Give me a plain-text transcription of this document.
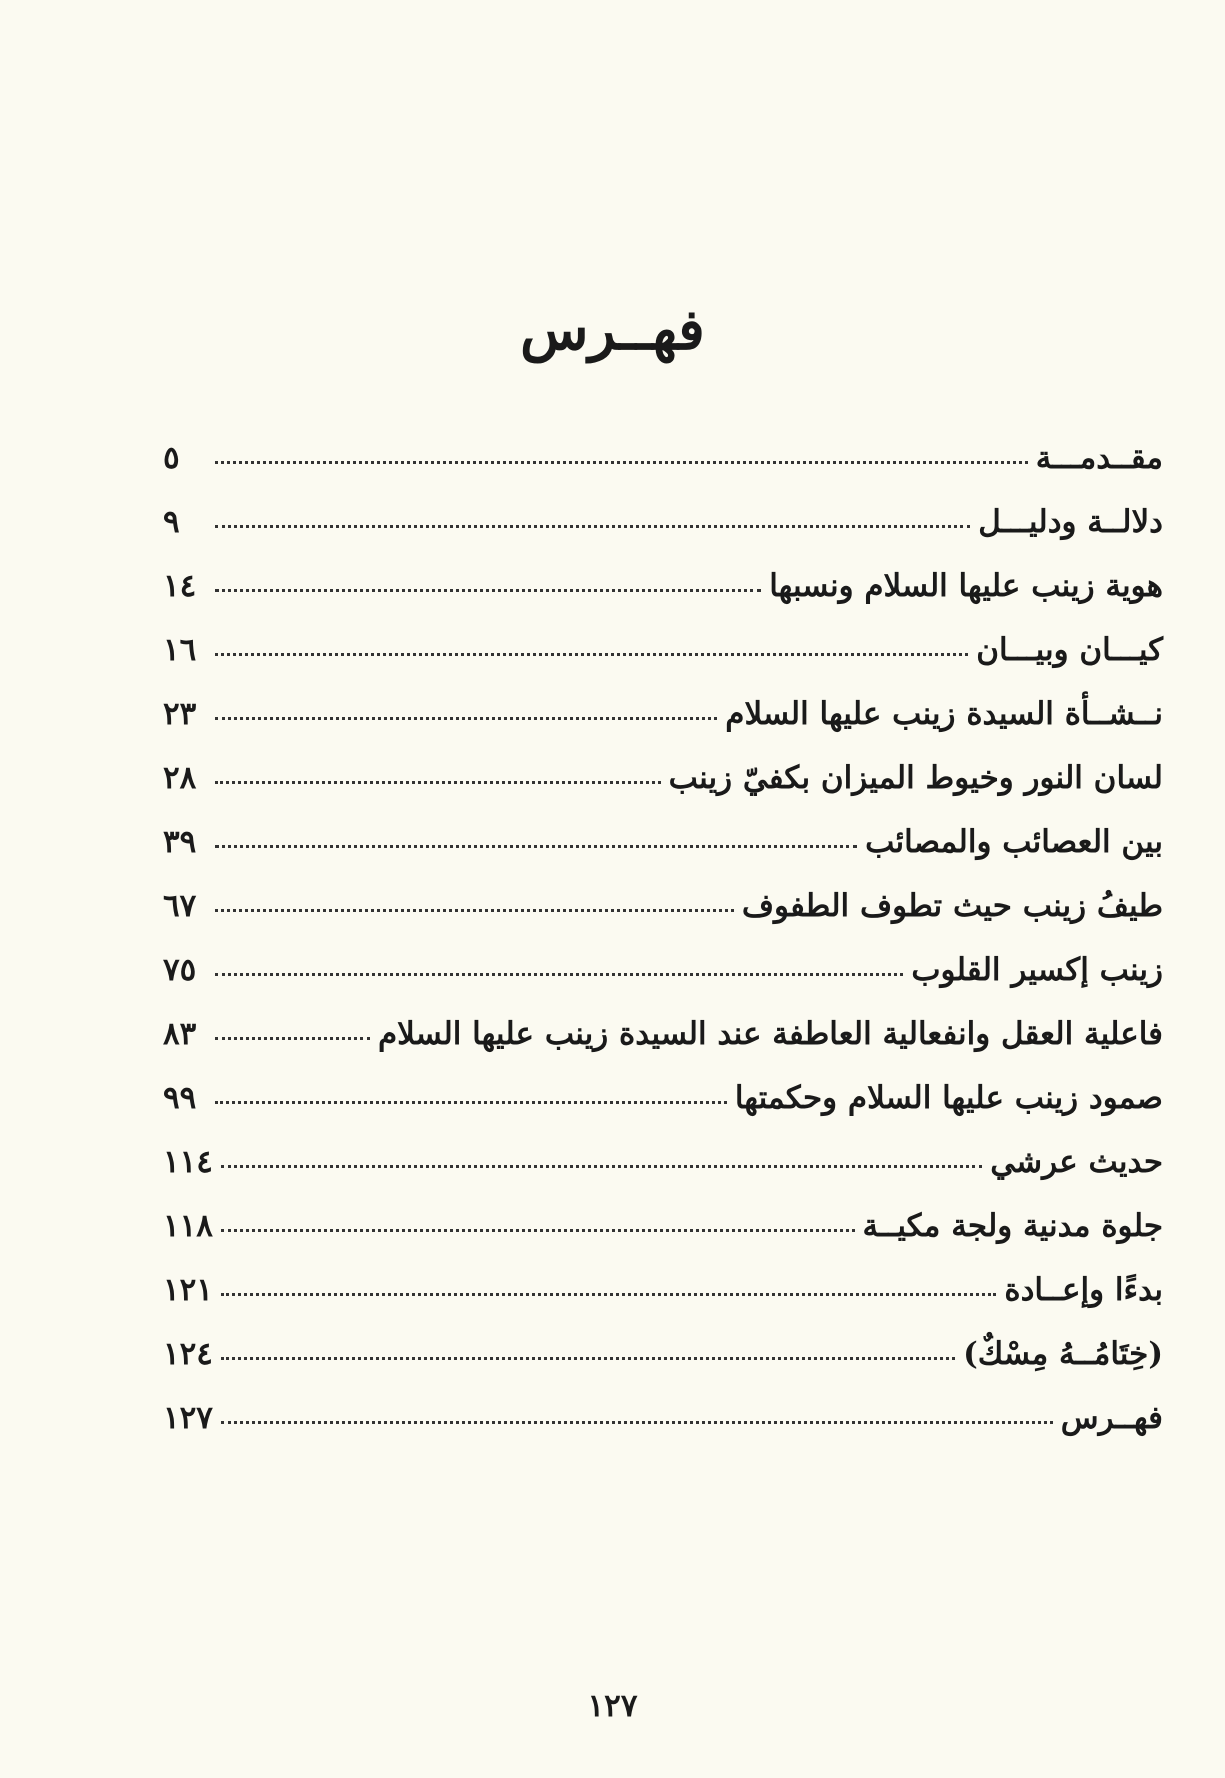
فهــرس
مقــدمـــة
٥
دلالــة ودليـــل
٩
هوية زينب عليها السلام ونسبها
١٤
كيـــان وبيـــان
١٦
نــشــأة السيدة زينب عليها السلام
٢٣
لسان النور وخيوط الميزان بكفيّ زينب
٢٨
بين العصائب والمصائب
٣٩
طيفُ زينب حيث تطوف الطفوف
٦٧
زينب إكسير القلوب
٧٥
فاعلية العقل وانفعالية العاطفة عند السيدة زينب عليها السلام
٨٣
صمود زينب عليها السلام وحكمتها
٩٩
حديث عرشي
١١٤
جلوة مدنية ولجة مكيــة
١١٨
بدءًا وإعــادة
١٢١
(خِتَامُــهُ مِسْكٌ)
١٢٤
فهــرس
١٢٧
١٢٧
